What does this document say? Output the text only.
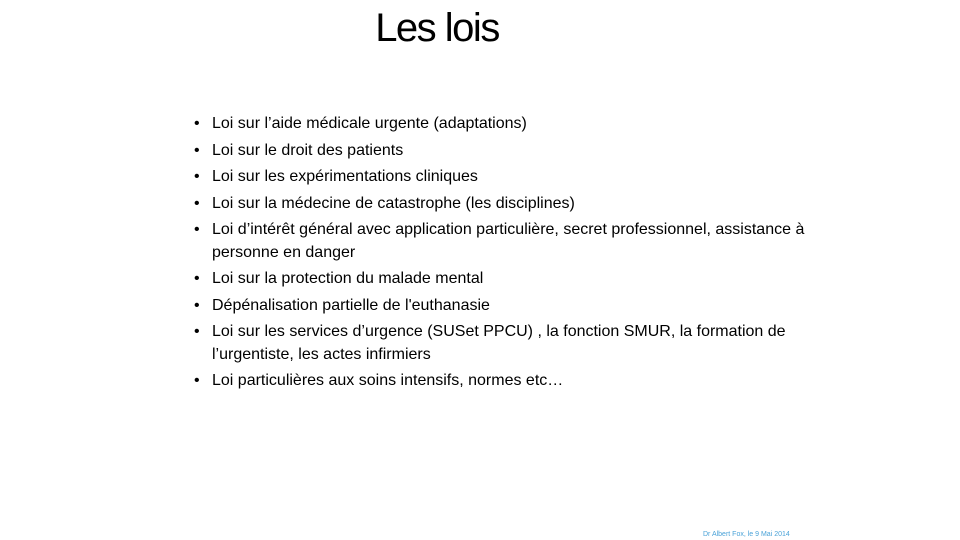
Les lois
• Loi sur l’aide médicale urgente (adaptations)
• Loi sur le droit des patients
• Loi sur les expérimentations cliniques
• Loi sur la médecine de catastrophe (les disciplines)
• Loi d’intérêt général avec application particulière, secret professionnel, assistance à personne en danger
• Loi sur la protection du malade mental
• Dépénalisation partielle de l'euthanasie
• Loi sur les services d’urgence (SUSet PPCU) , la fonction SMUR, la formation de l’urgentiste, les actes infirmiers
• Loi particulières aux soins intensifs, normes etc…
Dr Albert Fox, le 9 Mai 2014
